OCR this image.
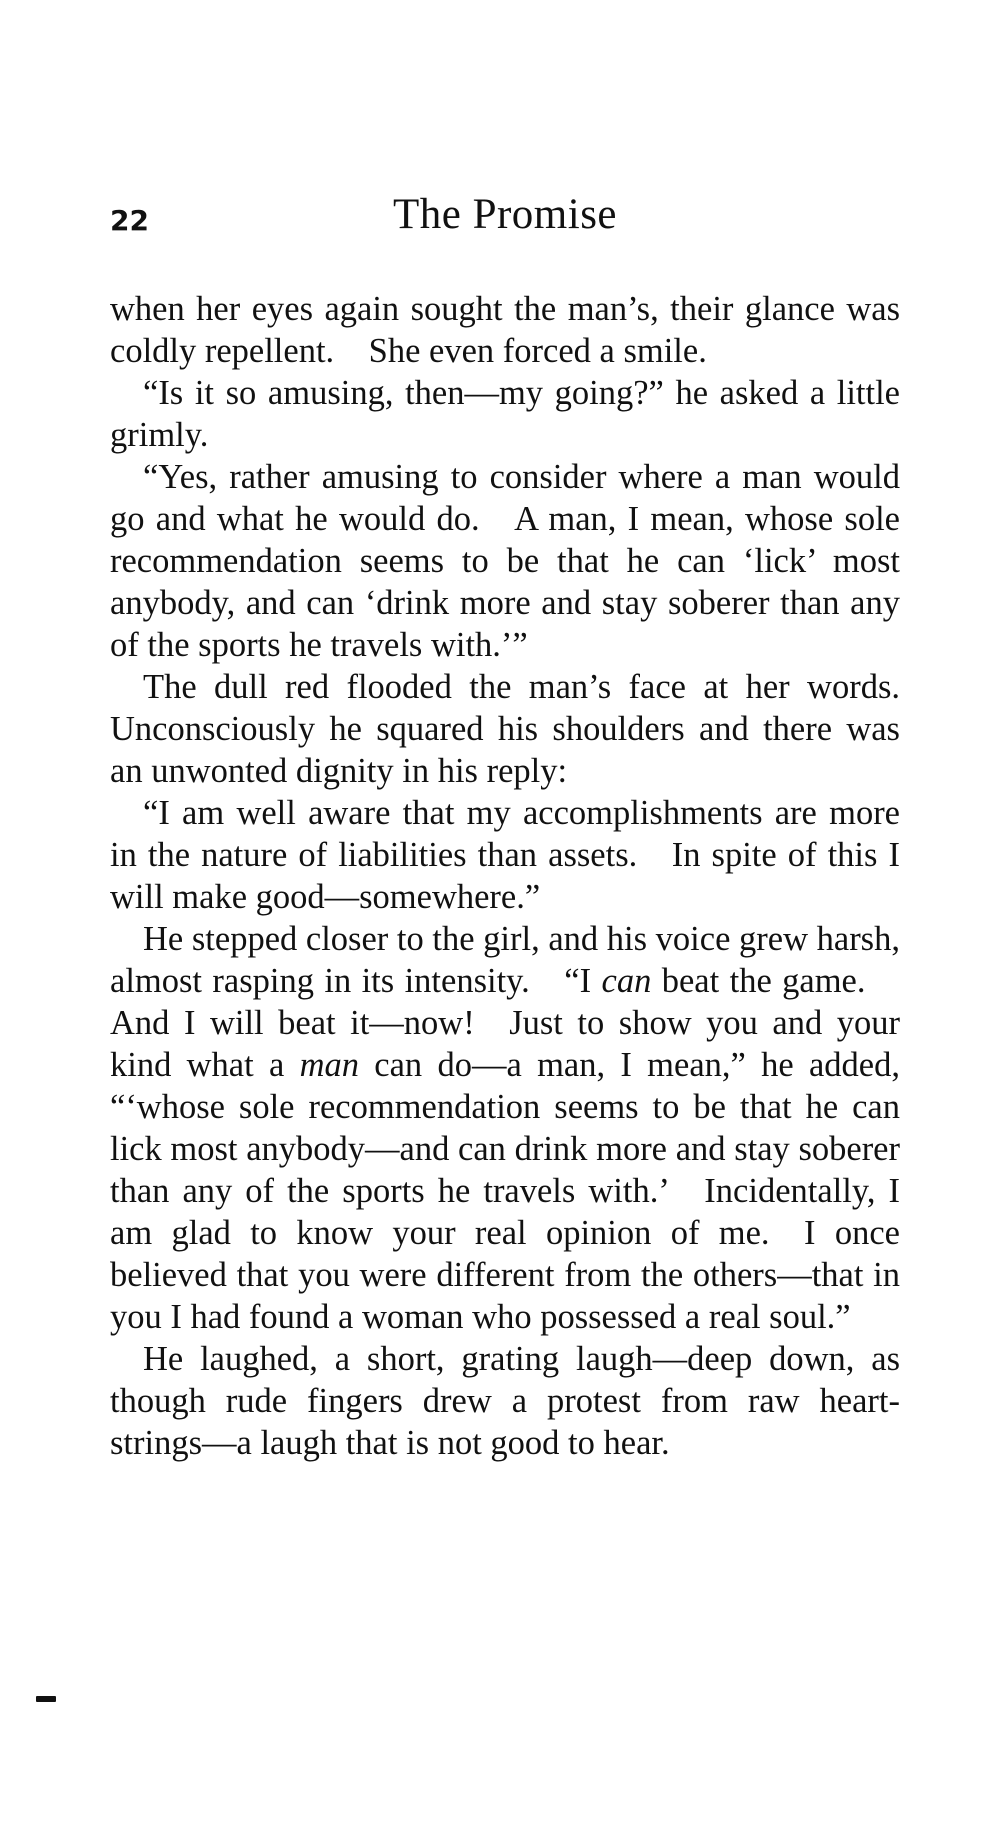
22	The Promise

when her eyes again sought the man’s, their glance was coldly repellent. She even forced a smile.

“Is it so amusing, then—my going?” he asked a little grimly.

“Yes, rather amusing to consider where a man would go and what he would do. A man, I mean, whose sole recommendation seems to be that he can ‘lick’ most anybody, and can ‘drink more and stay soberer than any of the sports he travels with.’”

The dull red flooded the man’s face at her words. Unconsciously he squared his shoulders and there was an unwonted dignity in his reply:

“I am well aware that my accomplishments are more in the nature of liabilities than assets. In spite of this I will make good—somewhere.”

He stepped closer to the girl, and his voice grew harsh, almost rasping in its intensity. “I can beat the game. And I will beat it—now! Just to show you and your kind what a man can do—a man, I mean,” he added, “‘whose sole recommendation seems to be that he can lick most anybody—and can drink more and stay soberer than any of the sports he travels with.’ Incidentally, I am glad to know your real opinion of me. I once believed that you were different from the others—that in you I had found a woman who possessed a real soul.”

He laughed, a short, grating laugh—deep down, as though rude fingers drew a protest from raw heart-strings—a laugh that is not good to hear.
